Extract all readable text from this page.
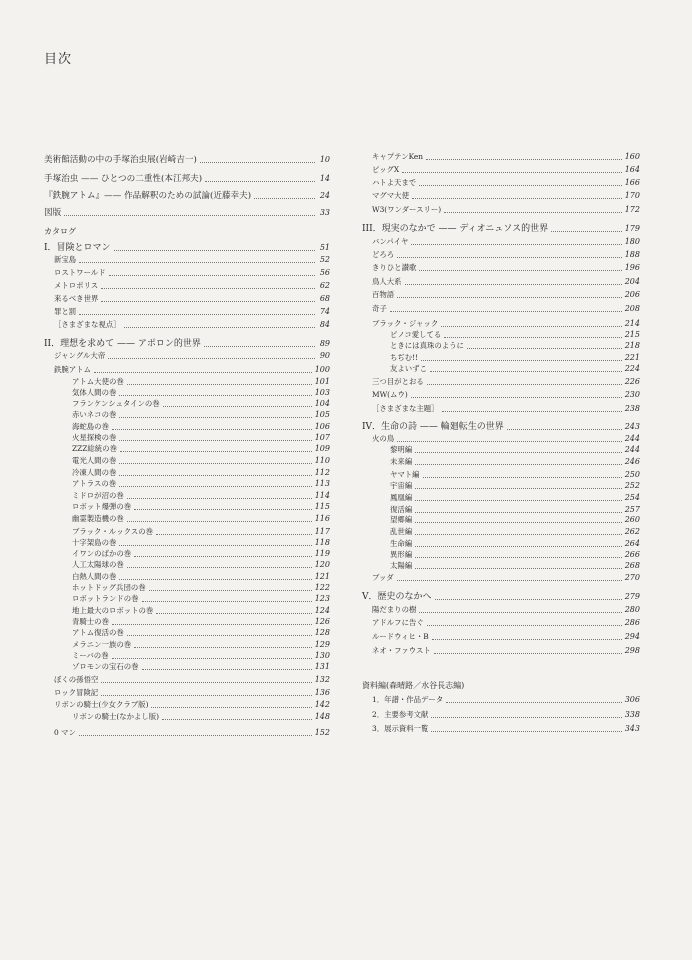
目次
美術館活動の中の手塚治虫展(岩崎吉一)	10
手塚治虫 —— ひとつの二重性(本江邦夫)	14
『鉄腕アトム』—— 作品解釈のための試論(近藤幸夫)	24
図版	33
カタログ
I．冒険とロマン	51
新宝島	52
ロストワールド	56
メトロポリス	62
来るべき世界	68
罪と罰	74
［さまざまな視点］	84
II．理想を求めて —— アポロン的世界	89
ジャングル大帝	90
鉄腕アトム	100
アトム大使の巻	101
気体人間の巻	103
フランケンシュタインの巻	104
赤いネコの巻	105
海蛇島の巻	106
火星探検の巻	107
ZZZ総統の巻	109
電光人間の巻	110
冷凍人間の巻	112
アトラスの巻	113
ミドロが沼の巻	114
ロボット爆弾の巻	115
幽霊製造機の巻	116
ブラック・ルックスの巻	117
十字架島の巻	118
イワンのばかの巻	119
人工太陽球の巻	120
白熱人間の巻	121
ホットドッグ兵団の巻	122
ロボットランドの巻	123
地上最大のロボットの巻	124
青騎士の巻	126
アトム復活の巻	128
メラニン一族の巻	129
ミーバの巻	130
ゾロモンの宝石の巻	131
ぼくの孫悟空	132
ロック冒険記	136
リボンの騎士(少女クラブ版)	142
リボンの騎士(なかよし版)	148
0 マン	152
キャプテンKen	160
ビッグX	164
ハトよ天まで	166
マグマ大使	170
W3(ワンダースリー)	172
III．現実のなかで —— ディオニュソス的世界	179
バンパイヤ	180
どろろ	188
きりひと讃歌	196
鳥人大系	204
百物語	206
奇子	208
ブラック・ジャック	214
ピノコ愛してる	215
ときには真珠のように	218
ちぢむ!!	221
友よいずこ	224
三つ目がとおる	226
MW(ムウ)	230
［さまざまな主題］	238
IV．生命の詩 —— 輪廻転生の世界	243
火の鳥	244
黎明編	244
未来編	246
ヤマト編	250
宇宙編	252
鳳凰編	254
復活編	257
望郷編	260
乱世編	262
生命編	264
異形編	266
太陽編	268
ブッダ	270
V．歴史のなかへ	279
陽だまりの樹	280
アドルフに告ぐ	286
ルードウィヒ・B	294
ネオ・ファウスト	298
資料編(森晴路／水谷長志編)
1．年譜・作品データ	306
2．主要参考文献	338
3．展示資料一覧	343
